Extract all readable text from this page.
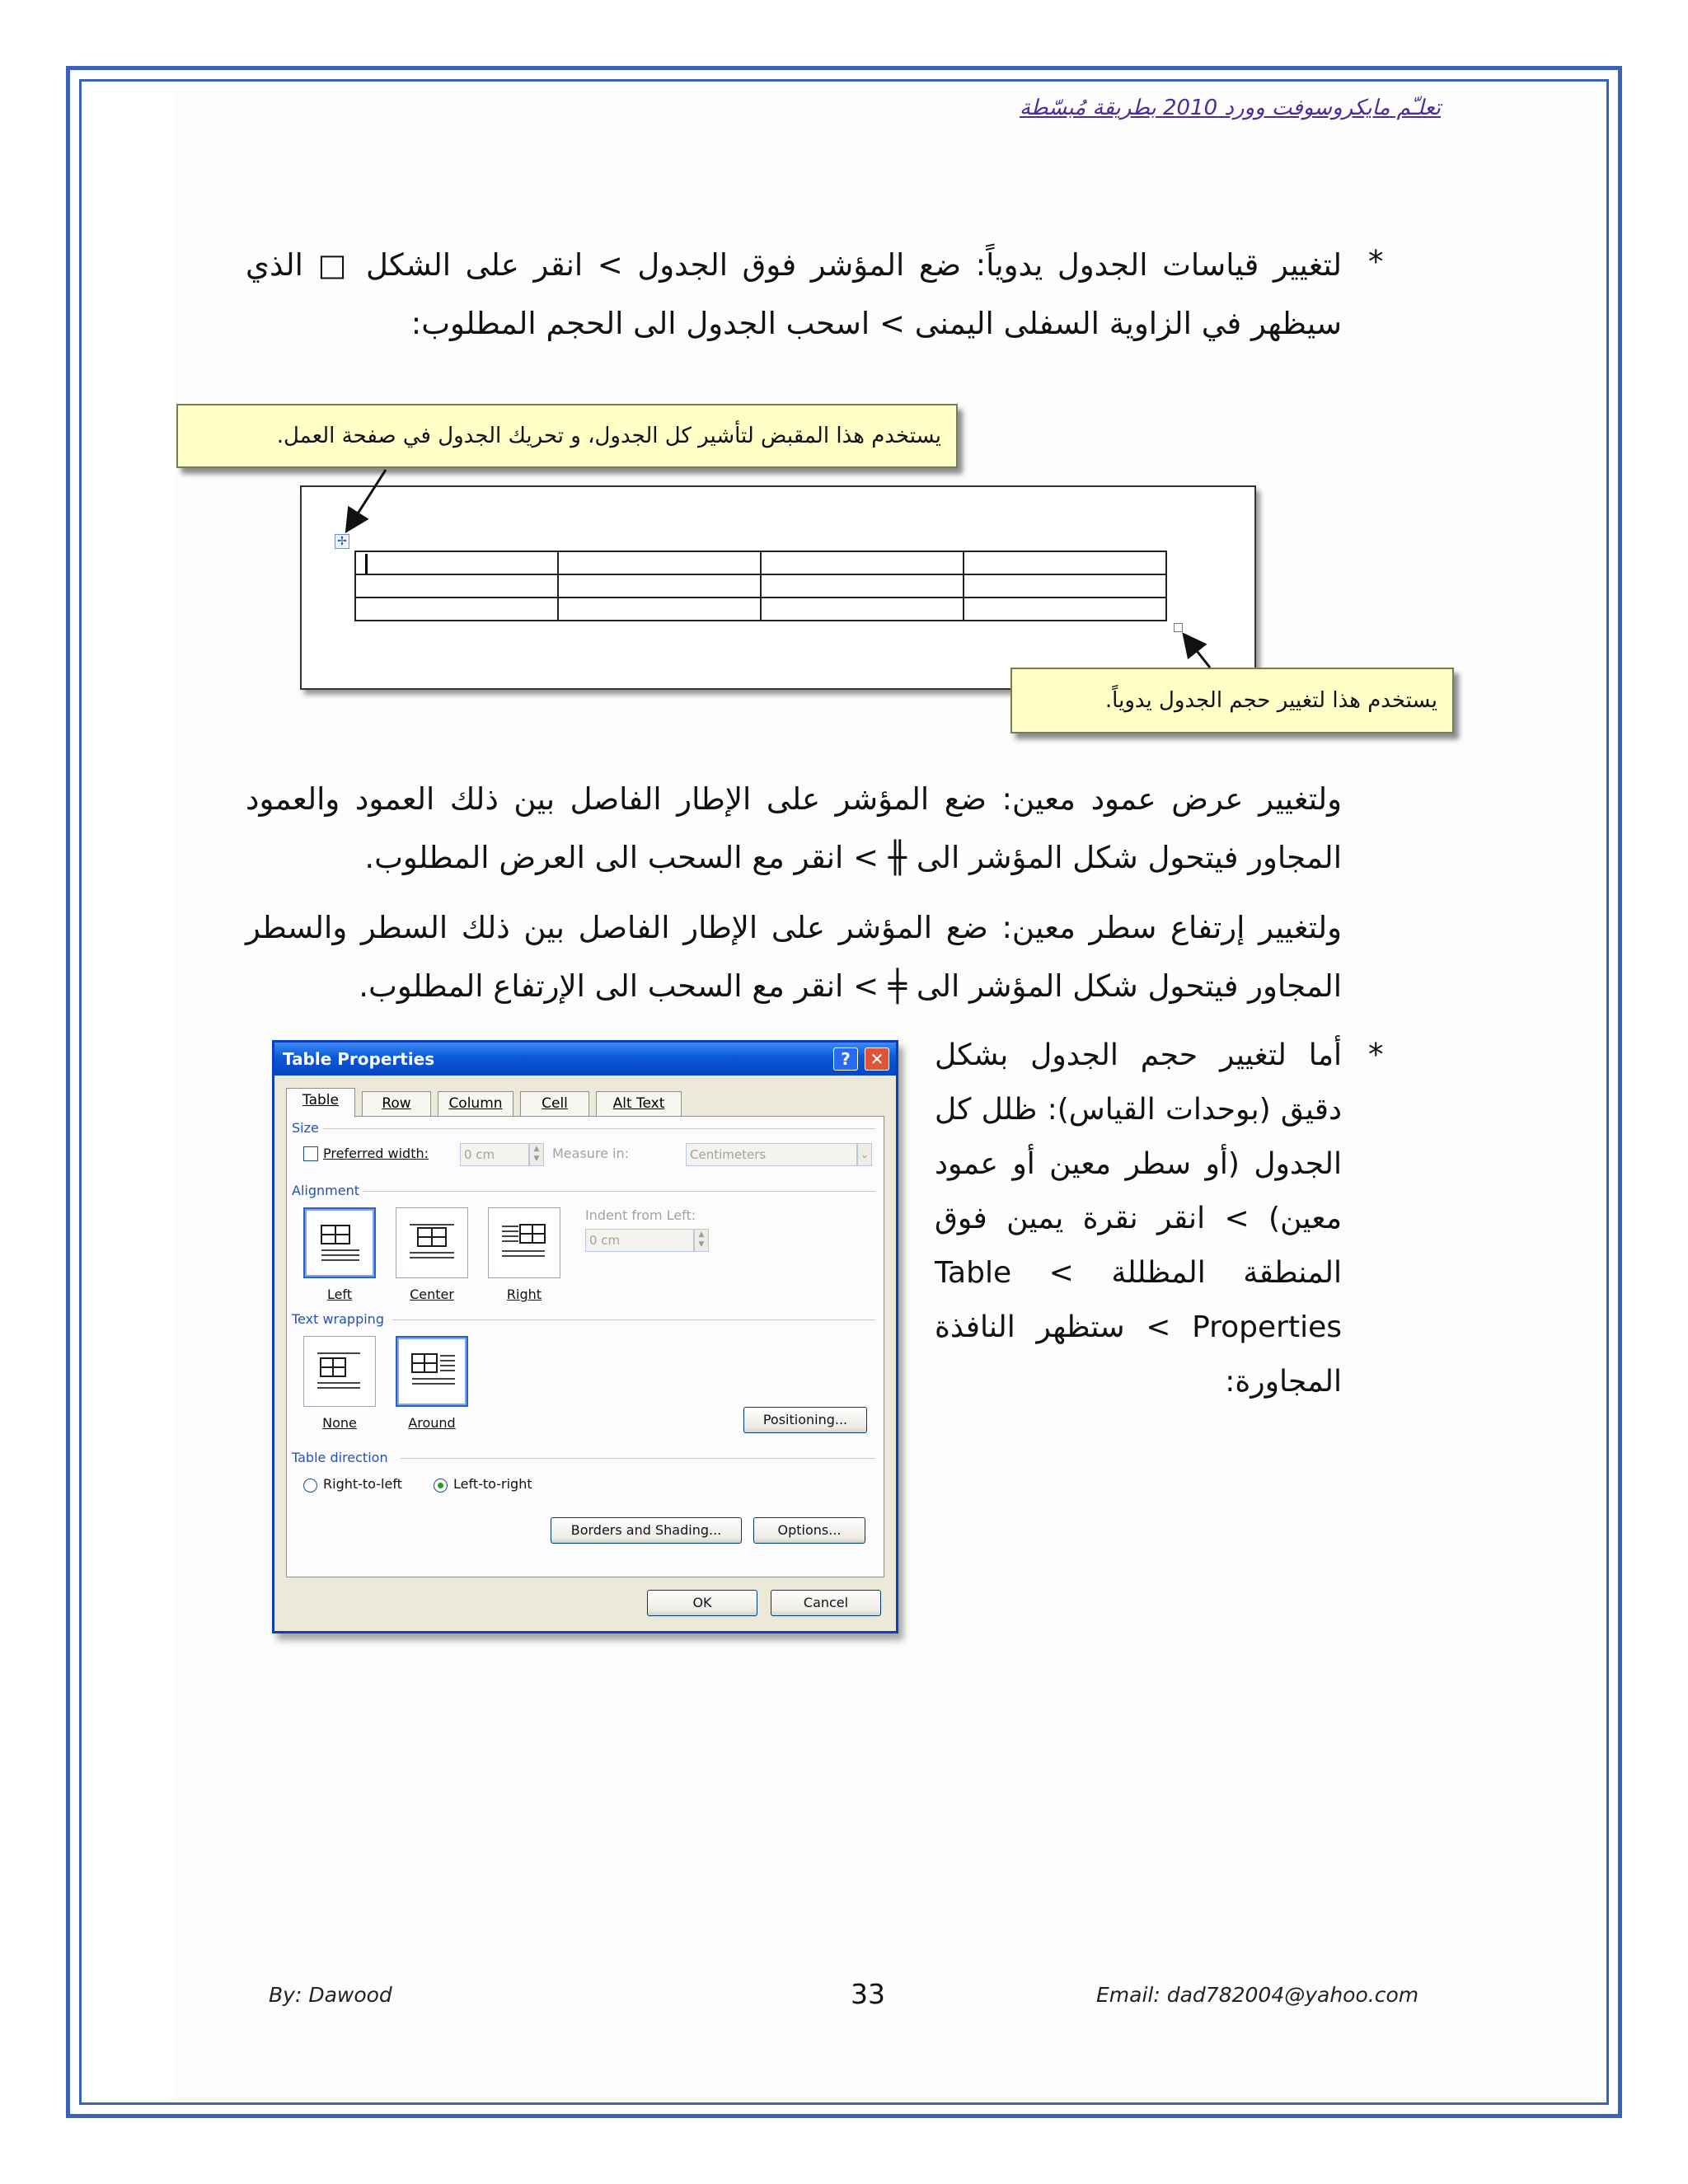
تعلـّم مايكروسوفت وورد 2010 بطريقة مُبسّطة
*
لتغيير قياسات الجدول يدوياً: ضع المؤشر فوق الجدول > انقر على الشكل □ الذي سيظهر في الزاوية السفلى اليمنى > اسحب الجدول الى الحجم المطلوب:
يستخدم هذا المقبض لتأشير كل الجدول، و تحريك الجدول في صفحة العمل.
✢

يستخدم هذا لتغيير حجم الجدول يدوياً.
ولتغيير عرض عمود معين: ضع المؤشر على الإطار الفاصل بين ذلك العمود والعمود المجاور فيتحول شكل المؤشر الى ╫ > انقر مع السحب الى العرض المطلوب.
ولتغيير إرتفاع سطر معين: ضع المؤشر على الإطار الفاصل بين ذلك السطر والسطر المجاور فيتحول شكل المؤشر الى ╪ > انقر مع السحب الى الإرتفاع المطلوب.
*
أما لتغيير حجم الجدول بشكل دقيق (بوحدات القياس): ظلل كل الجدول (أو سطر معين أو عمود معين) > انقر نقرة يمين فوق المنطقة المظللة > Table Properties > ستظهر النافذة المجاورة:
Table Properties	?	✕
Table	Row	Column	Cell	Alt Text
Size
Preferred width:	0 cm	▲
▼ Measure in:	Centimeters	⌄
Alignment
Left	Center	Right
Indent from Left:
0 cm	▲
▼
Text wrapping
None	Around	Positioning...
Table direction
Right-to-left	Left-to-right
Borders and Shading...	Options...
OK	Cancel
By: Dawood	33	Email: dad782004@yahoo.com
